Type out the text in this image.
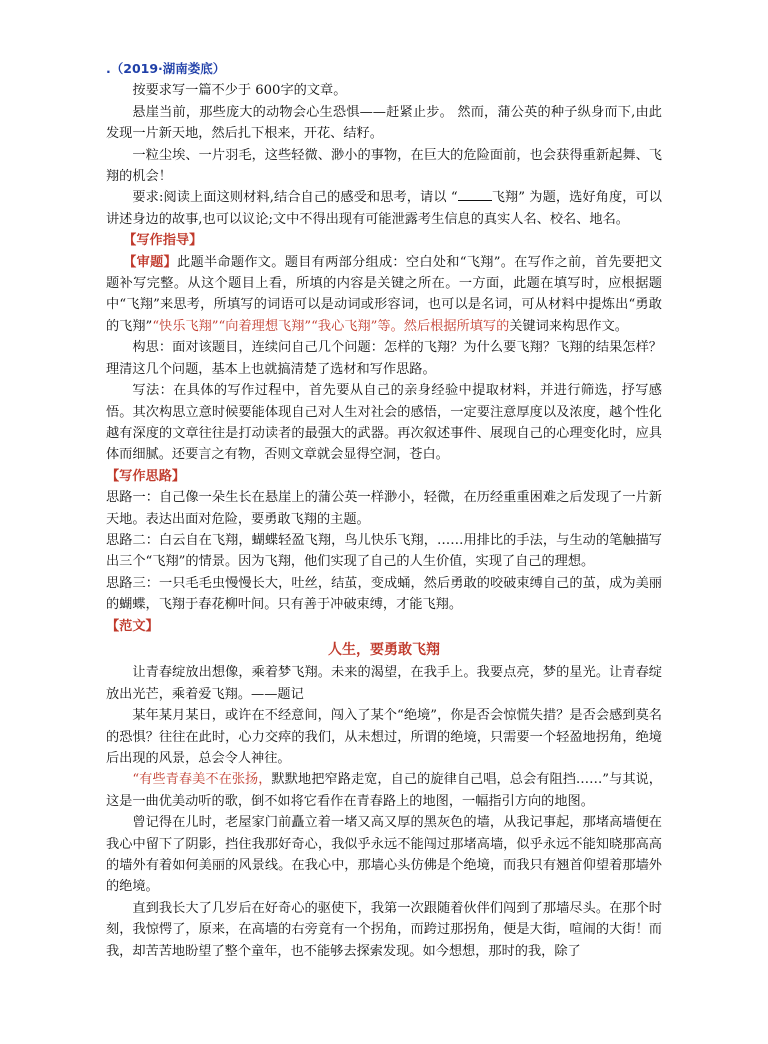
.（2019·湖南娄底）

按要求写一篇不少于 600字的文章。

悬崖当前，那些庞大的动物会心生恐惧——赶紧止步。 然而，蒲公英的种子纵身而下,由此发现一片新天地，然后扎下根来，开花、结籽。

一粒尘埃、一片羽毛，这些轻微、渺小的事物，在巨大的危险面前，也会获得重新起舞、飞翔的机会！

要求:阅读上面这则材料,结合自己的感受和思考，请以 “	飞翔” 为题，选好角度，可以讲述身边的故事,也可以议论;文中不得出现有可能泄露考生信息的真实人名、校名、地名。

【写作指导】

【审题】此题半命题作文。题目有两部分组成：空白处和“飞翔”。在写作之前，首先要把文题补写完整。从这个题目上看，所填的内容是关键之所在。一方面，此题在填写时，应根据题中“飞翔”来思考，所填写的词语可以是动词或形容词，也可以是名词，可从材料中提炼出“勇敢的飞翔”“快乐飞翔”“向着理想飞翔”“我心飞翔”等。然后根据所填写的关键词来构思作文。

构思：面对该题目，连续问自己几个问题：怎样的飞翔？为什么要飞翔？飞翔的结果怎样？理清这几个问题，基本上也就搞清楚了选材和写作思路。

写法：在具体的写作过程中，首先要从自己的亲身经验中提取材料，并进行筛选，抒写感悟。其次构思立意时候要能体现自己对人生对社会的感悟，一定要注意厚度以及浓度，越个性化越有深度的文章往往是打动读者的最强大的武器。再次叙述事件、展现自己的心理变化时，应具体而细腻。还要言之有物，否则文章就会显得空洞，苍白。

【写作思路】

思路一：自己像一朵生长在悬崖上的蒲公英一样渺小，轻微，在历经重重困难之后发现了一片新天地。表达出面对危险，要勇敢飞翔的主题。

思路二：白云自在飞翔，蝴蝶轻盈飞翔，鸟儿快乐飞翔，……用排比的手法，与生动的笔触描写出三个“飞翔”的情景。因为飞翔，他们实现了自己的人生价值，实现了自己的理想。

思路三：一只毛毛虫慢慢长大，吐丝，结茧，变成蛹，然后勇敢的咬破束缚自己的茧，成为美丽的蝴蝶，飞翔于春花柳叶间。只有善于冲破束缚，才能飞翔。

【范文】

人生，要勇敢飞翔

让青春绽放出想像，乘着梦飞翔。未来的渴望，在我手上。我要点亮，梦的星光。让青春绽放出光芒，乘着爱飞翔。——题记

某年某月某日，或许在不经意间，闯入了某个“绝境”，你是否会惊慌失措？是否会感到莫名的恐惧？往往在此时，心力交瘁的我们，从未想过，所谓的绝境，只需要一个轻盈地拐角，绝境后出现的风景，总会令人神往。

“有些青春美不在张扬，默默地把窄路走宽，自己的旋律自己唱，总会有阻挡……”与其说，这是一曲优美动听的歌，倒不如将它看作在青春路上的地图，一幅指引方向的地图。

曾记得在儿时，老屋家门前矗立着一堵又高又厚的黑灰色的墙，从我记事起，那堵高墙便在我心中留下了阴影，挡住我那好奇心，我似乎永远不能闯过那堵高墙，似乎永远不能知晓那高高的墙外有着如何美丽的风景线。在我心中，那墙心头仿佛是个绝境，而我只有翘首仰望着那墙外的绝境。

直到我长大了几岁后在好奇心的驱使下，我第一次跟随着伙伴们闯到了那墙尽头。在那个时刻，我惊愕了，原来，在高墙的右旁竟有一个拐角，而跨过那拐角，便是大街，喧闹的大街！而我，却苦苦地盼望了整个童年，也不能够去探索发现。如今想想，那时的我，除了
